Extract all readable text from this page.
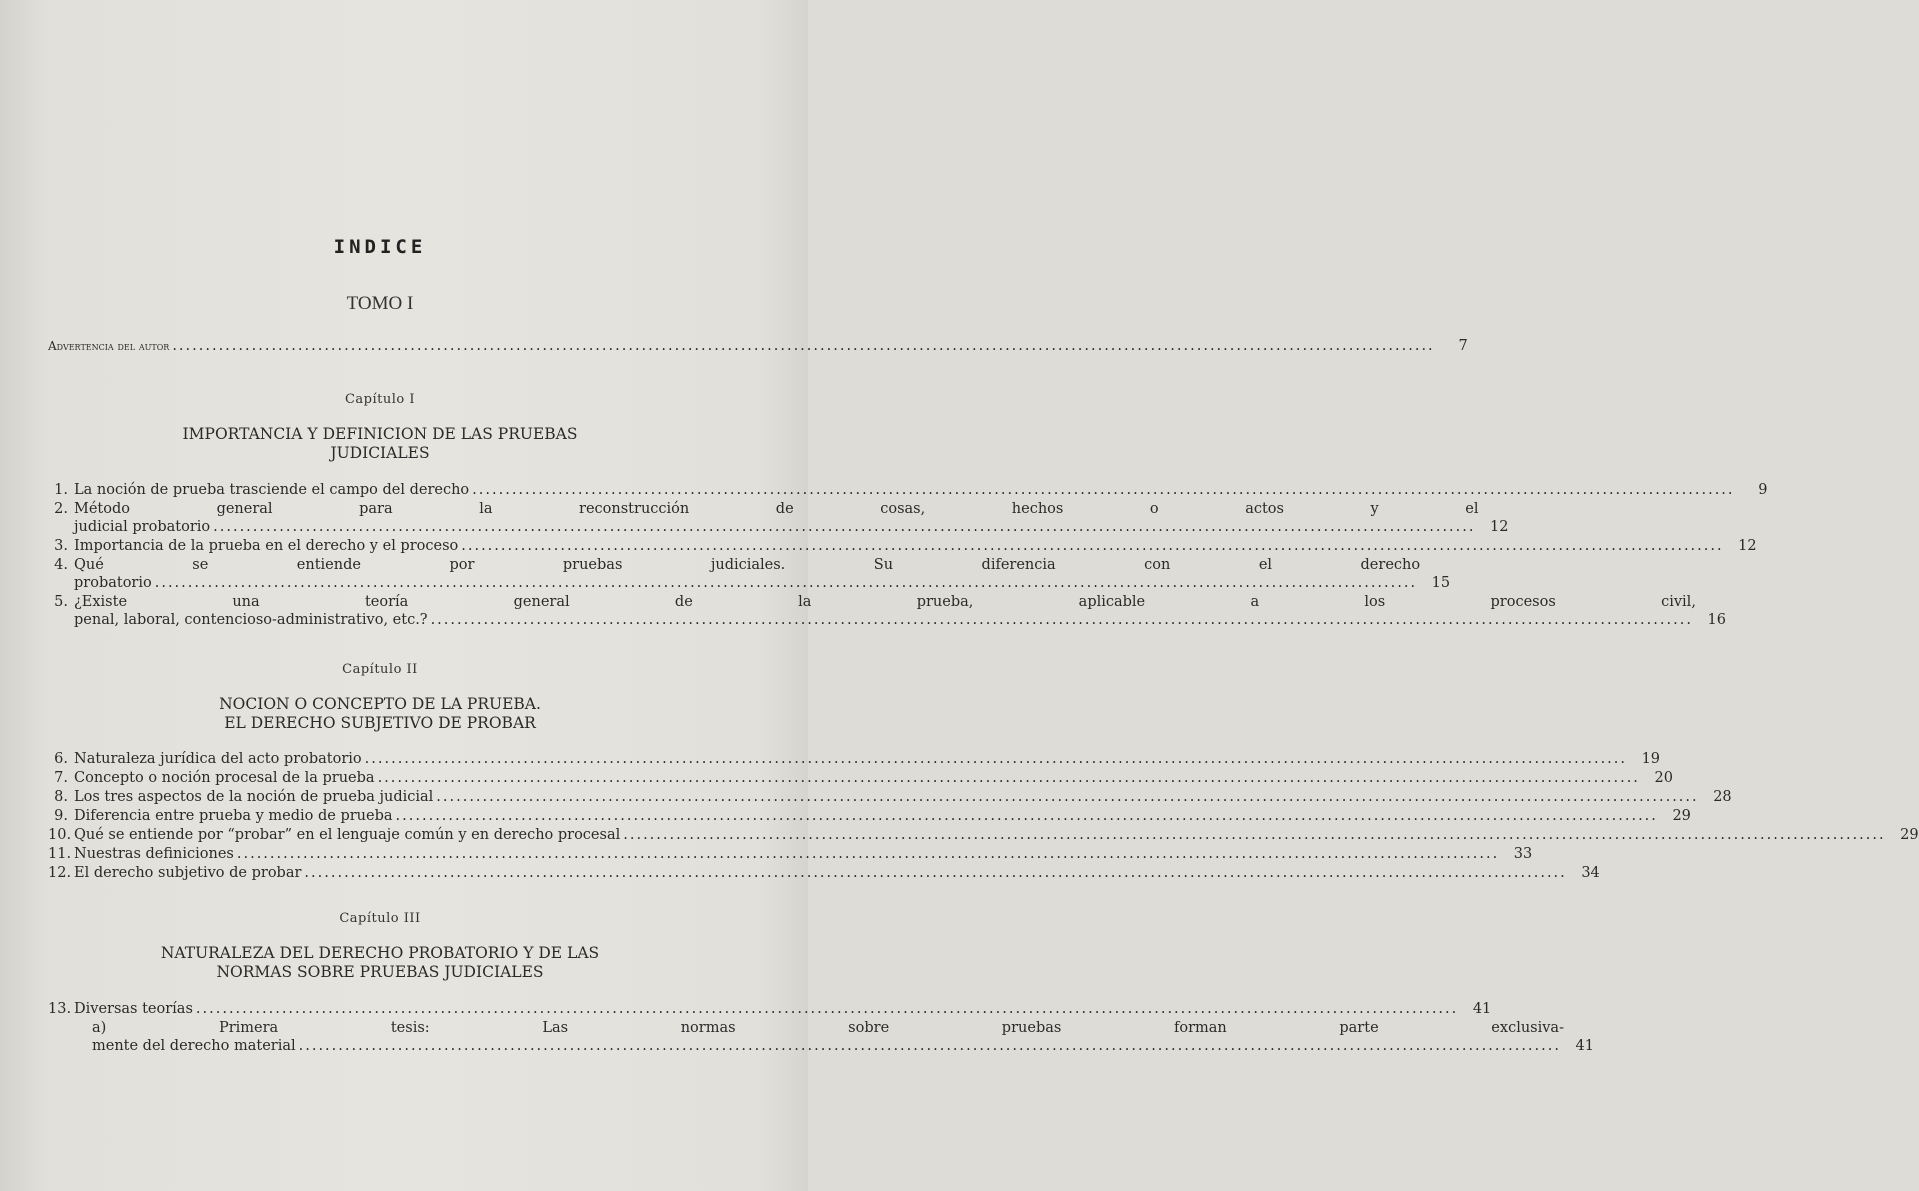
INDICE
TOMO I
Advertencia del autor .....	7
Capítulo I
IMPORTANCIA Y DEFINICION DE LAS PRUEBAS
JUDICIALES
1. La noción de prueba trasciende el campo del derecho .....	9
2. Método general para la reconstrucción de cosas, hechos o actos y el
judicial probatorio .....	12
3. Importancia de la prueba en el derecho y el proceso .....	12
4. Qué se entiende por pruebas judiciales. Su diferencia con el derecho
probatorio .....	15
5. ¿Existe una teoría general de la prueba, aplicable a los procesos civil,
penal, laboral, contencioso-administrativo, etc.? .....	16
Capítulo II
NOCION O CONCEPTO DE LA PRUEBA.
EL DERECHO SUBJETIVO DE PROBAR
6. Naturaleza jurídica del acto probatorio .....	19
7. Concepto o noción procesal de la prueba .....	20
8. Los tres aspectos de la noción de prueba judicial .....	28
9. Diferencia entre prueba y medio de prueba .....	29
10. Qué se entiende por “probar” en el lenguaje común y en derecho procesal .....	29
11. Nuestras definiciones .....	33
12. El derecho subjetivo de probar .....	34
Capítulo III
NATURALEZA DEL DERECHO PROBATORIO Y DE LAS
NORMAS SOBRE PRUEBAS JUDICIALES
13. Diversas teorías .....	41
a) Primera tesis: Las normas sobre pruebas forman parte exclusiva-
mente del derecho material .....	41
